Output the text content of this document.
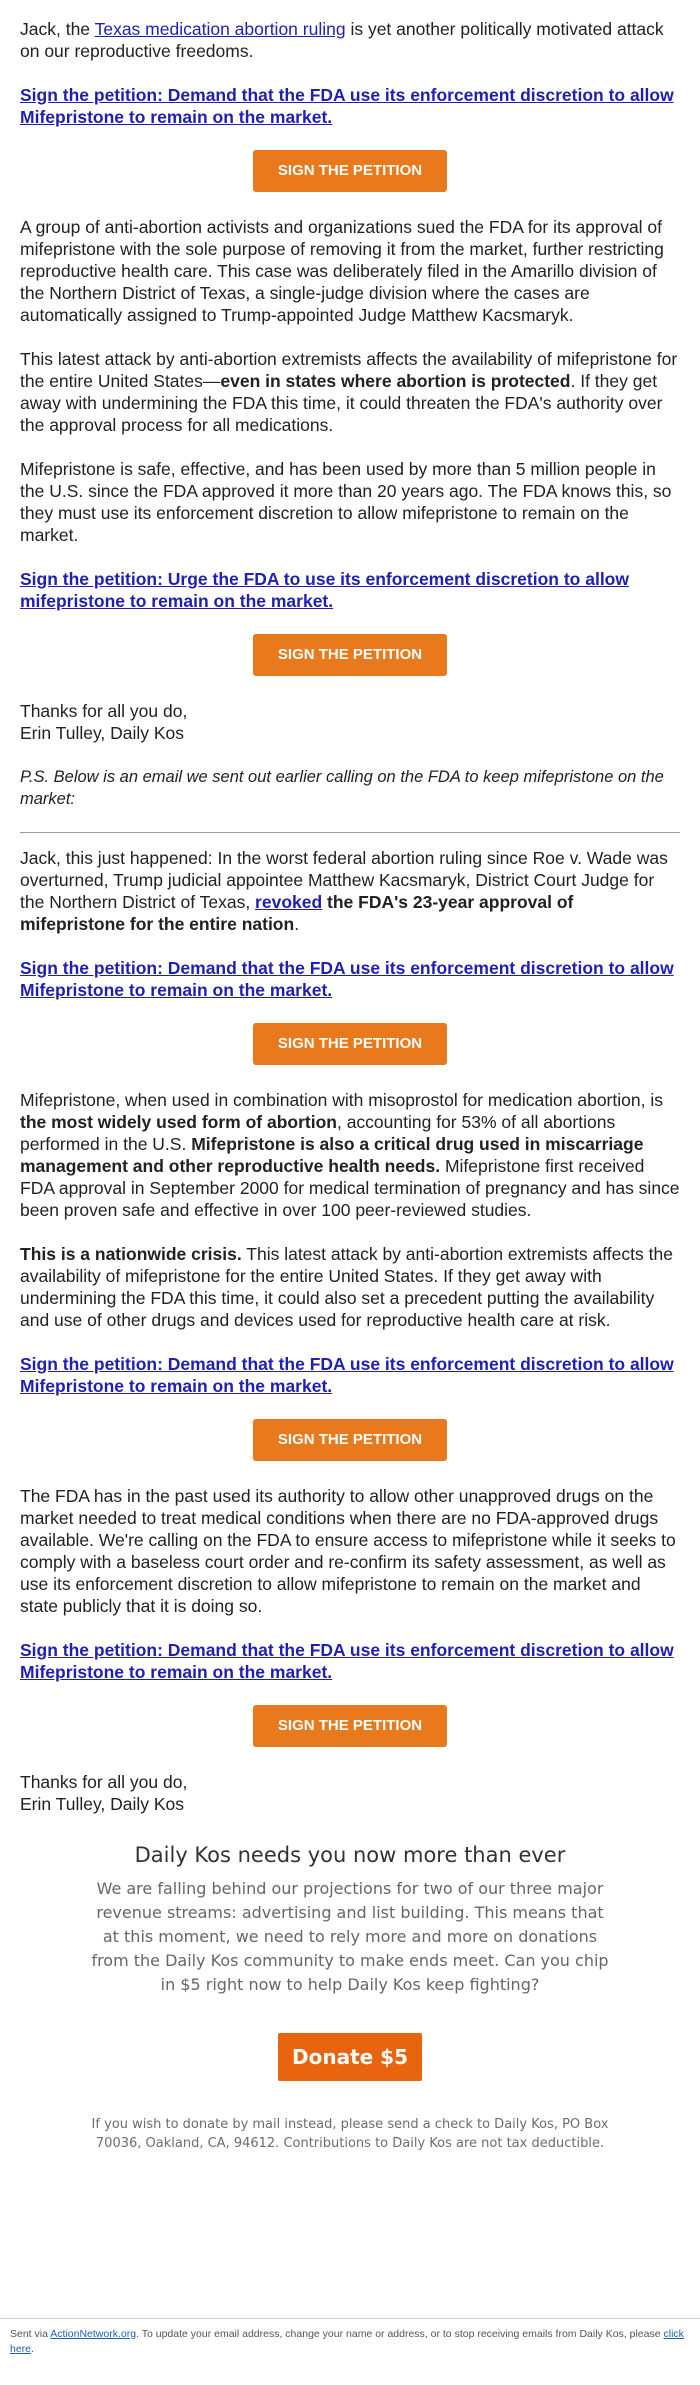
Jack, the Texas medication abortion ruling is yet another politically motivated attack on our reproductive freedoms.

Sign the petition: Demand that the FDA use its enforcement discretion to allow Mifepristone to remain on the market.

SIGN THE PETITION

A group of anti-abortion activists and organizations sued the FDA for its approval of mifepristone with the sole purpose of removing it from the market, further restricting reproductive health care. This case was deliberately filed in the Amarillo division of the Northern District of Texas, a single-judge division where the cases are automatically assigned to Trump-appointed Judge Matthew Kacsmaryk.

This latest attack by anti-abortion extremists affects the availability of mifepristone for the entire United States—even in states where abortion is protected. If they get away with undermining the FDA this time, it could threaten the FDA's authority over the approval process for all medications.

Mifepristone is safe, effective, and has been used by more than 5 million people in the U.S. since the FDA approved it more than 20 years ago. The FDA knows this, so they must use its enforcement discretion to allow mifepristone to remain on the market.

Sign the petition: Urge the FDA to use its enforcement discretion to allow mifepristone to remain on the market.

SIGN THE PETITION

Thanks for all you do,
Erin Tulley, Daily Kos

P.S. Below is an email we sent out earlier calling on the FDA to keep mifepristone on the market:

Jack, this just happened: In the worst federal abortion ruling since Roe v. Wade was overturned, Trump judicial appointee Matthew Kacsmaryk, District Court Judge for the Northern District of Texas, revoked the FDA's 23-year approval of mifepristone for the entire nation.

Sign the petition: Demand that the FDA use its enforcement discretion to allow Mifepristone to remain on the market.

SIGN THE PETITION

Mifepristone, when used in combination with misoprostol for medication abortion, is the most widely used form of abortion, accounting for 53% of all abortions performed in the U.S. Mifepristone is also a critical drug used in miscarriage management and other reproductive health needs. Mifepristone first received FDA approval in September 2000 for medical termination of pregnancy and has since been proven safe and effective in over 100 peer-reviewed studies.

This is a nationwide crisis. This latest attack by anti-abortion extremists affects the availability of mifepristone for the entire United States. If they get away with undermining the FDA this time, it could also set a precedent putting the availability and use of other drugs and devices used for reproductive health care at risk.

Sign the petition: Demand that the FDA use its enforcement discretion to allow Mifepristone to remain on the market.

SIGN THE PETITION

The FDA has in the past used its authority to allow other unapproved drugs on the market needed to treat medical conditions when there are no FDA-approved drugs available. We're calling on the FDA to ensure access to mifepristone while it seeks to comply with a baseless court order and re-confirm its safety assessment, as well as use its enforcement discretion to allow mifepristone to remain on the market and state publicly that it is doing so.

Sign the petition: Demand that the FDA use its enforcement discretion to allow Mifepristone to remain on the market.

SIGN THE PETITION

Thanks for all you do,
Erin Tulley, Daily Kos

Daily Kos needs you now more than ever

We are falling behind our projections for two of our three major revenue streams: advertising and list building. This means that at this moment, we need to rely more and more on donations from the Daily Kos community to make ends meet. Can you chip in $5 right now to help Daily Kos keep fighting?

Donate $5

If you wish to donate by mail instead, please send a check to Daily Kos, PO Box 70036, Oakland, CA, 94612. Contributions to Daily Kos are not tax deductible.

Sent via ActionNetwork.org. To update your email address, change your name or address, or to stop receiving emails from Daily Kos, please click here.
